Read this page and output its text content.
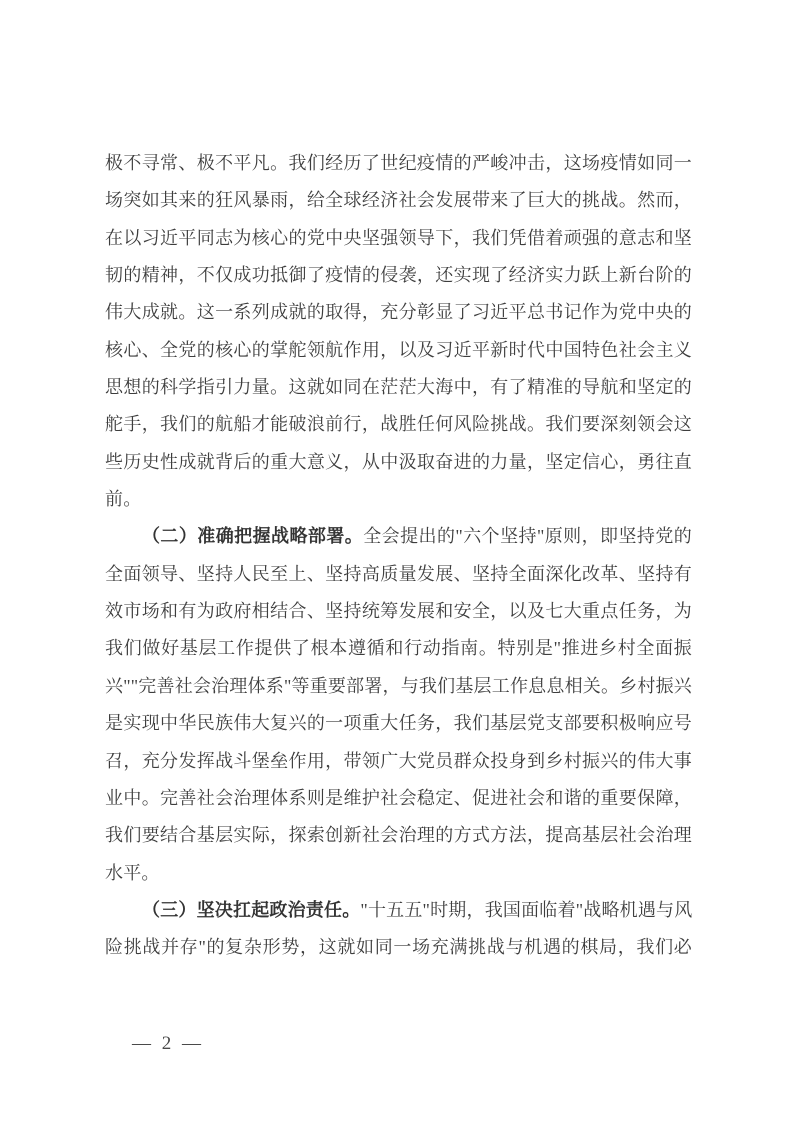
极不寻常、极不平凡。我们经历了世纪疫情的严峻冲击，这场疫情如同一
场突如其来的狂风暴雨，给全球经济社会发展带来了巨大的挑战。然而，
在以习近平同志为核心的党中央坚强领导下，我们凭借着顽强的意志和坚
韧的精神，不仅成功抵御了疫情的侵袭，还实现了经济实力跃上新台阶的
伟大成就。这一系列成就的取得，充分彰显了习近平总书记作为党中央的
核心、全党的核心的掌舵领航作用，以及习近平新时代中国特色社会主义
思想的科学指引力量。这就如同在茫茫大海中，有了精准的导航和坚定的
舵手，我们的航船才能破浪前行，战胜任何风险挑战。我们要深刻领会这
些历史性成就背后的重大意义，从中汲取奋进的力量，坚定信心，勇往直
前。
（二）准确把握战略部署。全会提出的"六个坚持"原则，即坚持党的
全面领导、坚持人民至上、坚持高质量发展、坚持全面深化改革、坚持有
效市场和有为政府相结合、坚持统筹发展和安全，以及七大重点任务，为
我们做好基层工作提供了根本遵循和行动指南。特别是"推进乡村全面振
兴""完善社会治理体系"等重要部署，与我们基层工作息息相关。乡村振兴
是实现中华民族伟大复兴的一项重大任务，我们基层党支部要积极响应号
召，充分发挥战斗堡垒作用，带领广大党员群众投身到乡村振兴的伟大事
业中。完善社会治理体系则是维护社会稳定、促进社会和谐的重要保障，
我们要结合基层实际，探索创新社会治理的方式方法，提高基层社会治理
水平。
（三）坚决扛起政治责任。"十五五"时期，我国面临着"战略机遇与风
险挑战并存"的复杂形势，这就如同一场充满挑战与机遇的棋局，我们必
— 2 —
